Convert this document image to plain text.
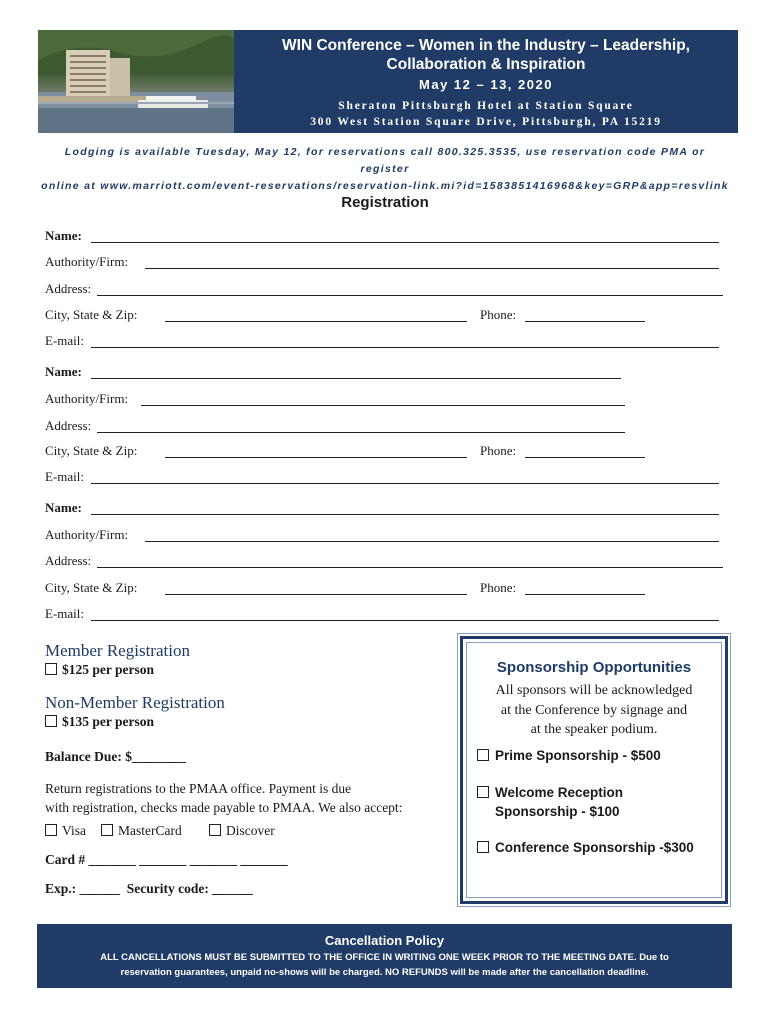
WIN Conference – Women in the Industry – Leadership,
Collaboration & Inspiration
May 12 – 13, 2020
Sheraton Pittsburgh Hotel at Station Square
300 West Station Square Drive, Pittsburgh, PA 15219
Lodging is available Tuesday, May 12, for reservations call 800.325.3535, use reservation code PMA or register
online at www.marriott.com/event-reservations/reservation-link.mi?id=1583851416968&key=GRP&app=resvlink
Registration
Name:
Authority/Firm:
Address:
City, State & Zip:	Phone:
E-mail:
Name:
Authority/Firm:
Address:
City, State & Zip:	Phone:
E-mail:
Name:
Authority/Firm:
Address:
City, State & Zip:	Phone:
E-mail:
Member Registration
$125 per person
Non-Member Registration
$135 per person
Balance Due: $________
Return registrations to the PMAA office. Payment is due
with registration, checks made payable to PMAA. We also accept:
Visa	MasterCard	Discover
Card # _______ _______ _______ _______
Exp.: ______  Security code: ______
Sponsorship Opportunities
All sponsors will be acknowledged
at the Conference by signage and
at the speaker podium.
Prime Sponsorship - $500
Welcome Reception
Sponsorship - $100
Conference Sponsorship -$300
Cancellation Policy
ALL CANCELLATIONS MUST BE SUBMITTED TO THE OFFICE IN WRITING ONE WEEK PRIOR TO THE MEETING DATE. Due to
reservation guarantees, unpaid no-shows will be charged. NO REFUNDS will be made after the cancellation deadline.
